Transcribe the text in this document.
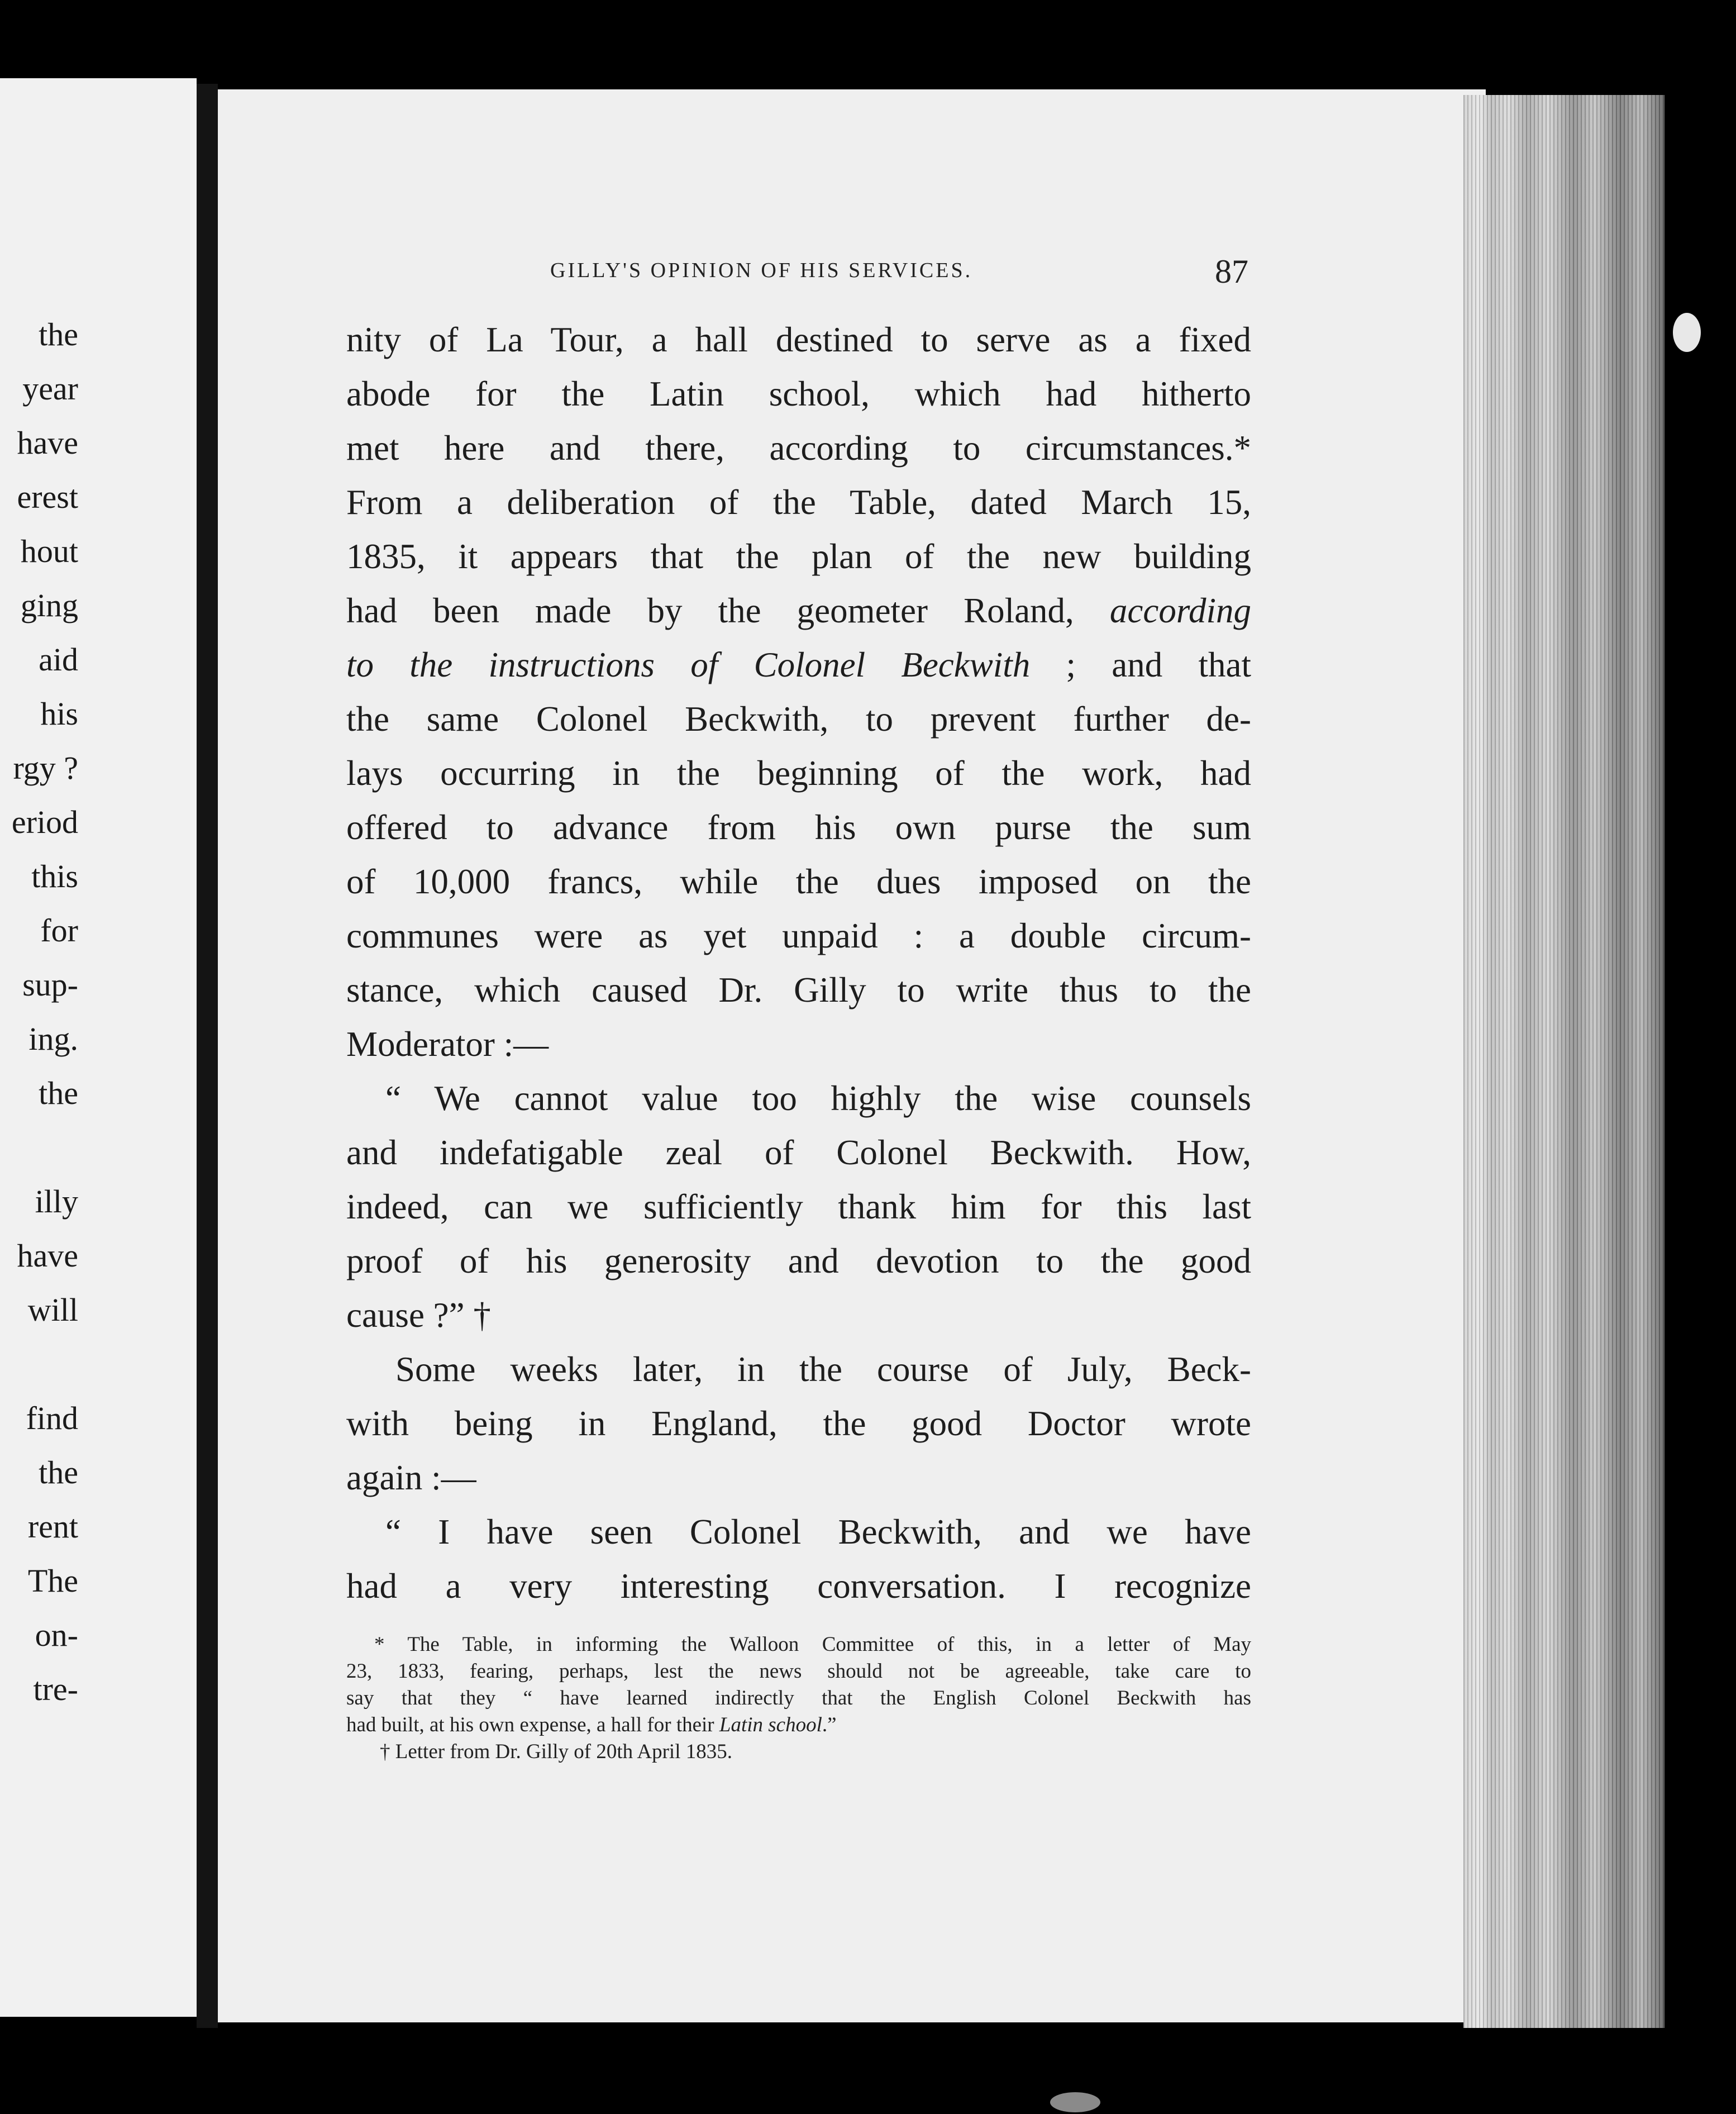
the
year
have
erest
hout
ging
aid
his
rgy ?
eriod
this
for
sup-
ing.
the
illy
have
will
find
the
rent
The
on-
tre-
GILLY'S OPINION OF HIS SERVICES.	87
nity of La Tour, a hall destined to serve as a fixed
abode for the Latin school, which had hitherto
met here and there, according to circumstances.*
From a deliberation of the Table, dated March 15,
1835, it appears that the plan of the new building
had been made by the geometer Roland, according
to the instructions of Colonel Beckwith ; and that
the same Colonel Beckwith, to prevent further de-
lays occurring in the beginning of the work, had
offered to advance from his own purse the sum
of 10,000 francs, while the dues imposed on the
communes were as yet unpaid : a double circum-
stance, which caused Dr. Gilly to write thus to the
Moderator :—
“ We cannot value too highly the wise counsels
and indefatigable zeal of Colonel Beckwith. How,
indeed, can we sufficiently thank him for this last
proof of his generosity and devotion to the good
cause ?” †
Some weeks later, in the course of July, Beck-
with being in England, the good Doctor wrote
again :—
“ I have seen Colonel Beckwith, and we have
had a very interesting conversation. I recognize
* The Table, in informing the Walloon Committee of this, in a letter of May
23, 1833, fearing, perhaps, lest the news should not be agreeable, take care to
say that they “ have learned indirectly that the English Colonel Beckwith has
had built, at his own expense, a hall for their Latin school.”
† Letter from Dr. Gilly of 20th April 1835.
